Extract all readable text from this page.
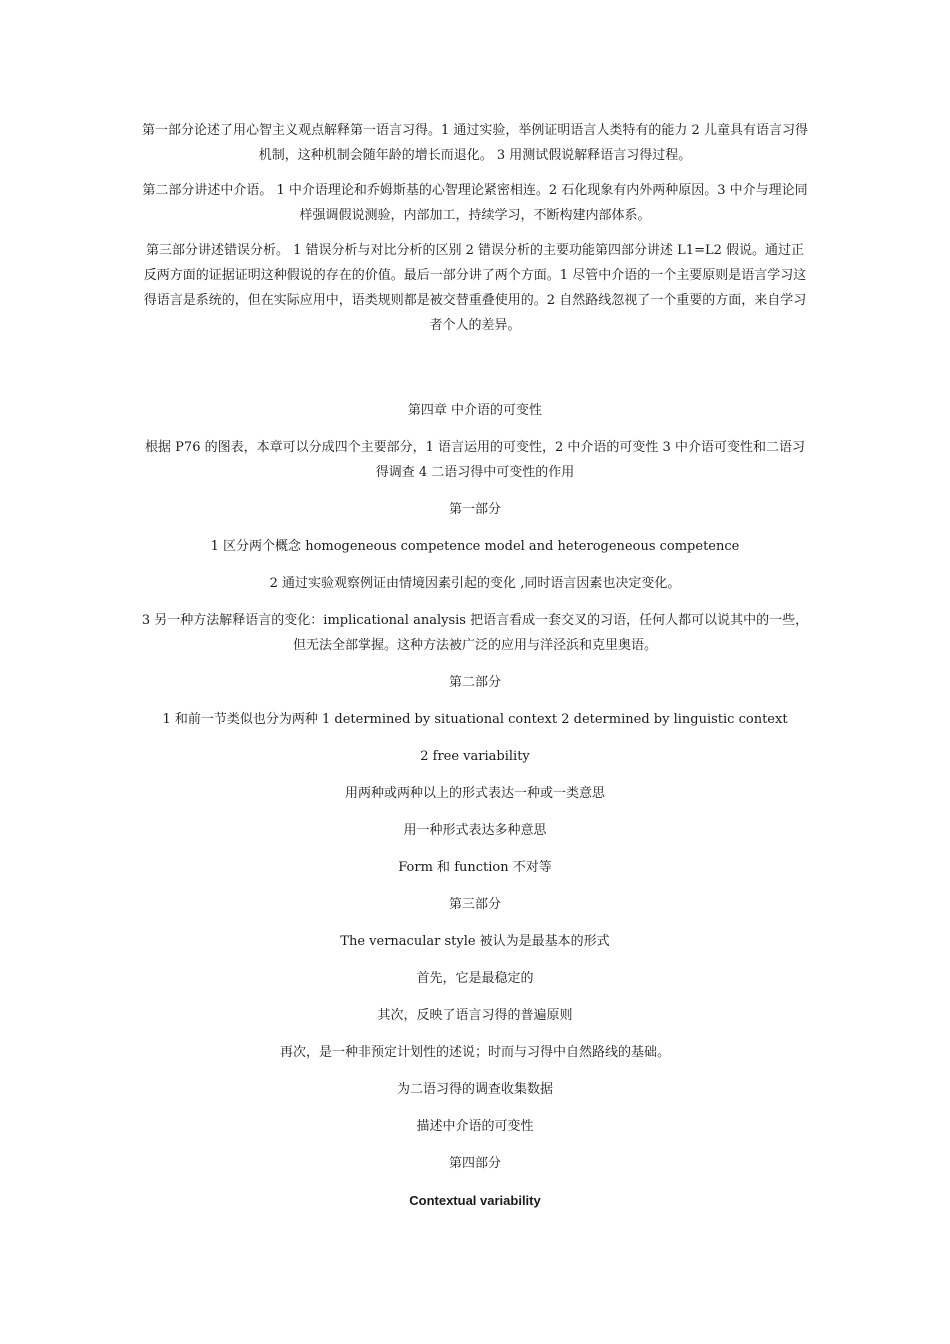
第一部分论述了用心智主义观点解释第一语言习得。1 通过实验，举例证明语言人类特有的能力 2 儿童具有语言习得机制，这种机制会随年龄的增长而退化。 3 用测试假说解释语言习得过程。

第二部分讲述中介语。 1 中介语理论和乔姆斯基的心智理论紧密相连。2 石化现象有内外两种原因。3 中介与理论同样强调假说测验，内部加工，持续学习，不断构建内部体系。

第三部分讲述错误分析。 1 错误分析与对比分析的区别 2 错误分析的主要功能第四部分讲述 L1=L2 假说。通过正反两方面的证据证明这种假说的存在的价值。最后一部分讲了两个方面。1 尽管中介语的一个主要原则是语言学习这得语言是系统的，但在实际应用中，语类规则都是被交替重叠使用的。2 自然路线忽视了一个重要的方面，来自学习者个人的差异。

第四章 中介语的可变性

根据 P76 的图表，本章可以分成四个主要部分，1 语言运用的可变性，2 中介语的可变性 3 中介语可变性和二语习得调查 4 二语习得中可变性的作用

第一部分

1 区分两个概念 homogeneous competence model and heterogeneous competence

2 通过实验观察例证由情境因素引起的变化 ,同时语言因素也决定变化。

3 另一种方法解释语言的变化：implicational analysis 把语言看成一套交叉的习语，任何人都可以说其中的一些，但无法全部掌握。这种方法被广泛的应用与洋泾浜和克里奥语。

第二部分

1 和前一节类似也分为两种 1 determined by situational context 2 determined by linguistic context

2 free variability

用两种或两种以上的形式表达一种或一类意思

用一种形式表达多种意思

Form 和 function 不对等

第三部分

The vernacular style 被认为是最基本的形式

首先，它是最稳定的

其次，反映了语言习得的普遍原则

再次，是一种非预定计划性的述说；时而与习得中自然路线的基础。

为二语习得的调查收集数据

描述中介语的可变性

第四部分

Contextual variability
